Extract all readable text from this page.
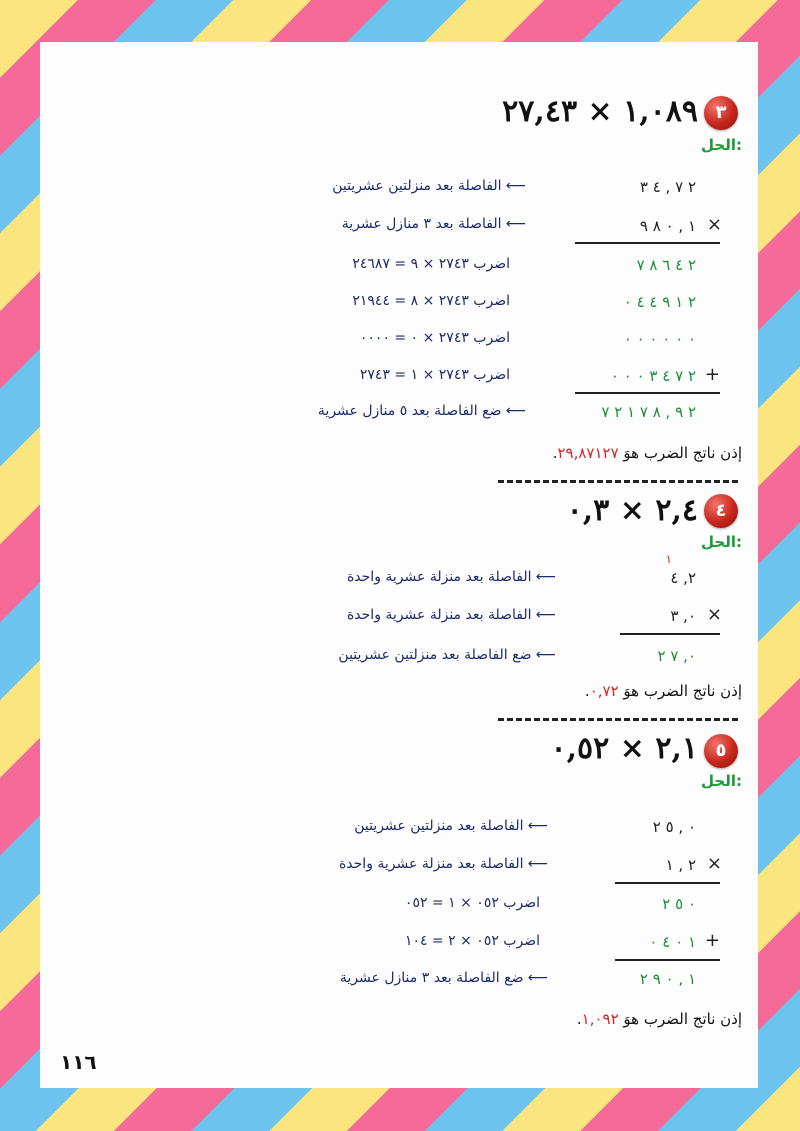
٣
١,٠٨٩ × ٢٧,٤٣
الحل:
٢ ٧ , ٤ ٣
⟵ الفاصلة بعد منزلتين عشريتين
×
١ , ٠ ٨ ٩
⟵ الفاصلة بعد ٣ منازل عشرية
٢ ٤ ٦ ٨ ٧
اضرب ٢٧٤٣ × ٩ = ٢٤٦٨٧
٢ ١ ٩ ٤ ٤ ٠
اضرب ٢٧٤٣ × ٨ = ٢١٩٤٤
٠ ٠ ٠ ٠ ٠ ٠
اضرب ٢٧٤٣ × ٠ = ٠٠٠٠
+
٢ ٧ ٤ ٣ ٠ ٠ ٠
اضرب ٢٧٤٣ × ١ = ٢٧٤٣
٢ ٩ , ٨ ٧ ١ ٢ ٧
⟵ ضع الفاصلة بعد ٥ منازل عشرية
إذن ناتج الضرب هوَ ٢٩,٨٧١٢٧.
٤
٢,٤ × ٠,٣
الحل:
١
٢, ٤
⟵ الفاصلة بعد منزلة عشرية واحدة
×
٠, ٣
⟵ الفاصلة بعد منزلة عشرية واحدة
٠, ٧ ٢
⟵ ضع الفاصلة بعد منزلتين عشريتين
إذن ناتج الضرب هوَ ٠,٧٢.
٥
٢,١ × ٠,٥٢
الحل:
٠ , ٥ ٢
⟵ الفاصلة بعد منزلتين عشريتين
×
٢ , ١
⟵ الفاصلة بعد منزلة عشرية واحدة
٠ ٥ ٢
اضرب ٠٥٢ × ١ = ٠٥٢
+
١ ٠ ٤ ٠
اضرب ٠٥٢ × ٢ = ١٠٤
١ , ٠ ٩ ٢
⟵ ضع الفاصلة بعد ٣ منازل عشرية
إذن ناتج الضرب هوَ ١,٠٩٢.
١١٦
